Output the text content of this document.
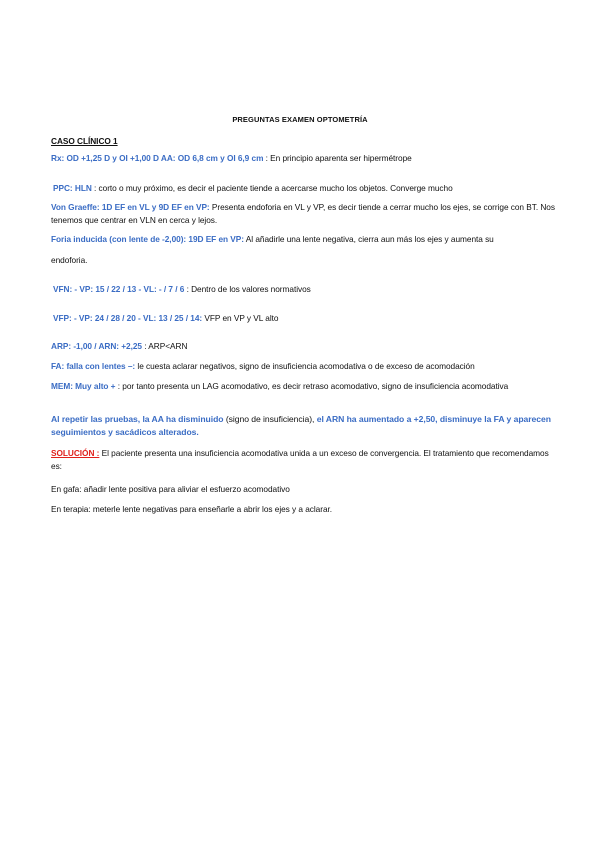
PREGUNTAS EXAMEN OPTOMETRÍA
CASO CLÍNICO 1
Rx: OD +1,25 D y OI +1,00 D AA: OD 6,8 cm y OI 6,9 cm : En principio aparenta ser hipermétrope
PPC: HLN : corto o muy próximo, es decir el paciente tiende a acercarse mucho los objetos. Converge mucho
Von Graeffe: 1D EF en VL y 9D EF en VP: Presenta endoforia en VL y VP, es decir tiende a cerrar mucho los ejes, se corrige con BT. Nos tenemos que centrar en VLN en cerca y lejos.
Foria inducida (con lente de -2,00): 19D EF en VP: Al añadirle una lente negativa, cierra aun más los ejes y aumenta su
endoforia.
VFN: - VP: 15 / 22 / 13 - VL: - / 7 / 6 : Dentro de los valores normativos
VFP: - VP: 24 / 28 / 20 - VL: 13 / 25 / 14: VFP en VP y VL alto
ARP: -1,00 / ARN: +2,25 : ARP<ARN
FA: falla con lentes –: le cuesta aclarar negativos, signo de insuficiencia acomodativa o de exceso de acomodación
MEM: Muy alto + : por tanto presenta un LAG acomodativo, es decir retraso acomodativo, signo de insuficiencia acomodativa
Al repetir las pruebas, la AA ha disminuido (signo de insuficiencia), el ARN ha aumentado a +2,50, disminuye la FA y aparecen seguimientos y sacádicos alterados.
SOLUCIÓN : El paciente presenta una insuficiencia acomodativa unida a un exceso de convergencia. El tratamiento que recomendamos es:
En gafa: añadir lente positiva para aliviar el esfuerzo acomodativo
En terapia: meterle lente negativas para enseñarle a abrir los ejes y a aclarar.
